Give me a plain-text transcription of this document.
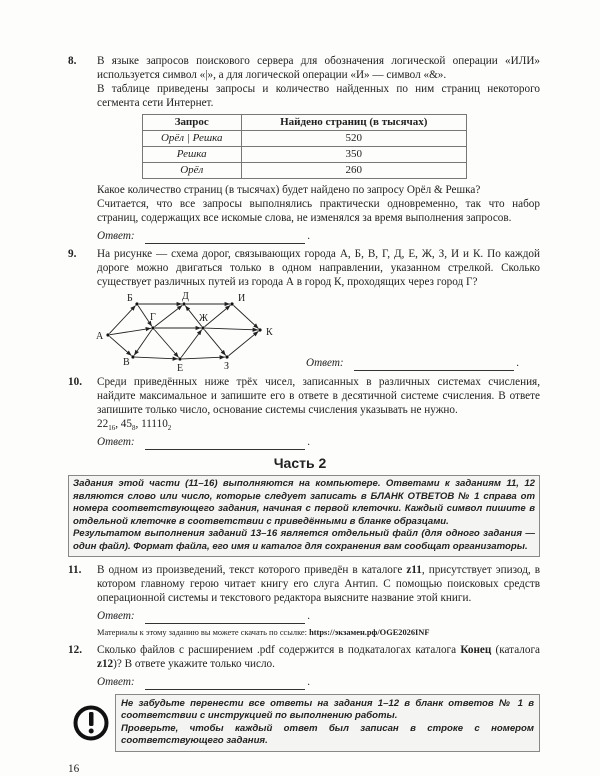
8. В языке запросов поискового сервера для обозначения логической операции «ИЛИ» используется символ «|», а для логической операции «И» — символ «&».

В таблице приведены запросы и количество найденных по ним страниц некоторого сегмента сети Интернет.

Запрос	Найдено страниц (в тысячах)
Орёл | Решка	520
Решка	350
Орёл	260

Какое количество страниц (в тысячах) будет найдено по запросу Орёл & Решка?

Считается, что все запросы выполнялись практически одновременно, так что набор страниц, содержащих все искомые слова, не изменялся за время выполнения запросов.

Ответ:	.
9. На рисунке — схема дорог, связывающих города А, Б, В, Г, Д, Е, Ж, З, И и К. По каждой дороге можно двигаться только в одном направлении, указанном стрелкой. Сколько существует различных путей из города А в город К, проходящих через город Г?

А
Б	Д	И
Г	Ж
К
В
Е	З	Ответ:	.
10. Среди приведённых ниже трёх чисел, записанных в различных системах счисления, найдите максимальное и запишите его в ответе в десятичной системе счисления. В ответе запишите только число, основание системы счисления указывать не нужно.

$22_{16}$, $45_8$, $11110_2$

Ответ:	.
Часть 2
Задания этой части (11–16) выполняются на компьютере. Ответами к заданиям 11, 12 являются слово или число, которые следует записать в БЛАНК ОТВЕТОВ № 1 справа от номера соответствующего задания, начиная с первой клеточки. Каждый символ пишите в отдельной клеточке в соответствии с приведёнными в бланке образцами.
Результатом выполнения заданий 13–16 является отдельный файл (для одного задания — один файл). Формат файла, его имя и каталог для сохранения вам сообщат организаторы.
11. В одном из произведений, текст которого приведён в каталоге z11, присутствует эпизод, в котором главному герою читает книгу его слуга Антип. С помощью поисковых средств операционной системы и текстового редактора выясните название этой книги.

Ответ:	.
Материалы к этому заданию вы можете скачать по ссылке: https://экзамен.рф/OGE2026INF
12. Сколько файлов с расширением .pdf содержится в подкаталогах каталога Конец (каталога z12)? В ответе укажите только число.

Ответ:	.
Не забудьте перенести все ответы на задания 1–12 в бланк ответов № 1 в соответствии с инструкцией по выполнению работы.
Проверьте, чтобы каждый ответ был записан в строке с номером соответствующего задания.
16
